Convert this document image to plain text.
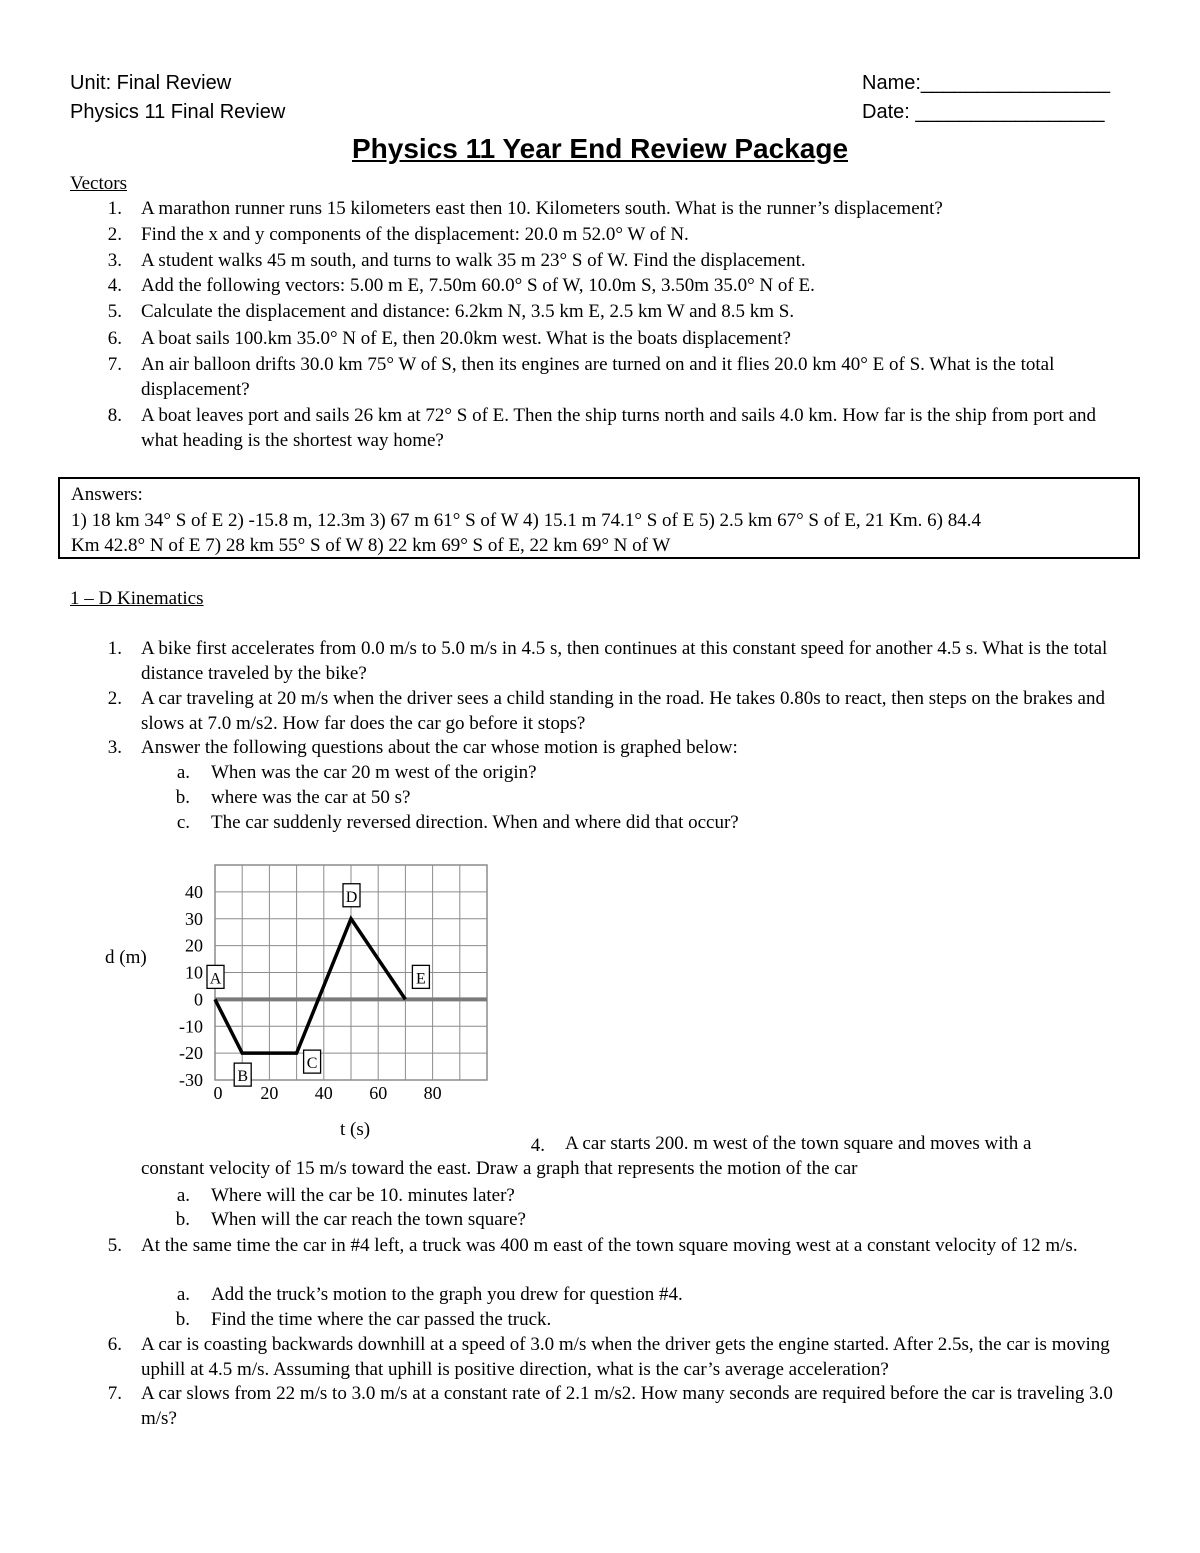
Unit: Final Review
Physics 11 Final Review
Name:_________________
Date: _________________
Physics 11 Year End Review Package
Vectors
1. A marathon runner runs 15 kilometers east then 10. Kilometers south. What is the runner’s displacement?
2. Find the x and y components of the displacement: 20.0 m 52.0° W of N.
3. A student walks 45 m south, and turns to walk 35 m 23° S of W. Find the displacement.
4. Add the following vectors: 5.00 m E, 7.50m 60.0° S of W, 10.0m S, 3.50m 35.0° N of E.
5. Calculate the displacement and distance: 6.2km N, 3.5 km E, 2.5 km W and 8.5 km S.
6. A boat sails 100.km 35.0° N of E, then 20.0km west. What is the boats displacement?
7. An air balloon drifts 30.0 km 75° W of S, then its engines are turned on and it flies 20.0 km 40° E of S. What is the total displacement?
8. A boat leaves port and sails 26 km at 72° S of E. Then the ship turns north and sails 4.0 km. How far is the ship from port and what heading is the shortest way home?
Answers:
1) 18 km 34° S of E 2) -15.8 m, 12.3m 3) 67 m 61° S of W 4) 15.1 m 74.1° S of E 5) 2.5 km 67° S of E, 21 Km. 6) 84.4
Km 42.8° N of E 7) 28 km 55° S of W 8) 22 km 69° S of E, 22 km 69° N of W
1 – D Kinematics
1. A bike first accelerates from 0.0 m/s to 5.0 m/s in 4.5 s, then continues at this constant speed for another 4.5 s. What is the total distance traveled by the bike?
2. A car traveling at 20 m/s when the driver sees a child standing in the road. He takes 0.80s to react, then steps on the brakes and slows at 7.0 m/s2. How far does the car go before it stops?
3. Answer the following questions about the car whose motion is graphed below:
a. When was the car 20 m west of the origin?
b. where was the car at 50 s?
c. The car suddenly reversed direction. When and where did that occur?
40
30
20
10
0
-10
-20
-30
0 20 40 60 80
A
B
C
D
E
d (m)
t (s)
4. A car starts 200. m west of the town square and moves with a
constant velocity of 15 m/s toward the east. Draw a graph that represents the motion of the car
a. Where will the car be 10. minutes later?
b. When will the car reach the town square?
5. At the same time the car in #4 left, a truck was 400 m east of the town square moving west at a constant velocity of 12 m/s.
a. Add the truck’s motion to the graph you drew for question #4.
b. Find the time where the car passed the truck.
6. A car is coasting backwards downhill at a speed of 3.0 m/s when the driver gets the engine started. After 2.5s, the car is moving uphill at 4.5 m/s. Assuming that uphill is positive direction, what is the car’s average acceleration?
7. A car slows from 22 m/s to 3.0 m/s at a constant rate of 2.1 m/s2. How many seconds are required before the car is traveling 3.0 m/s?
